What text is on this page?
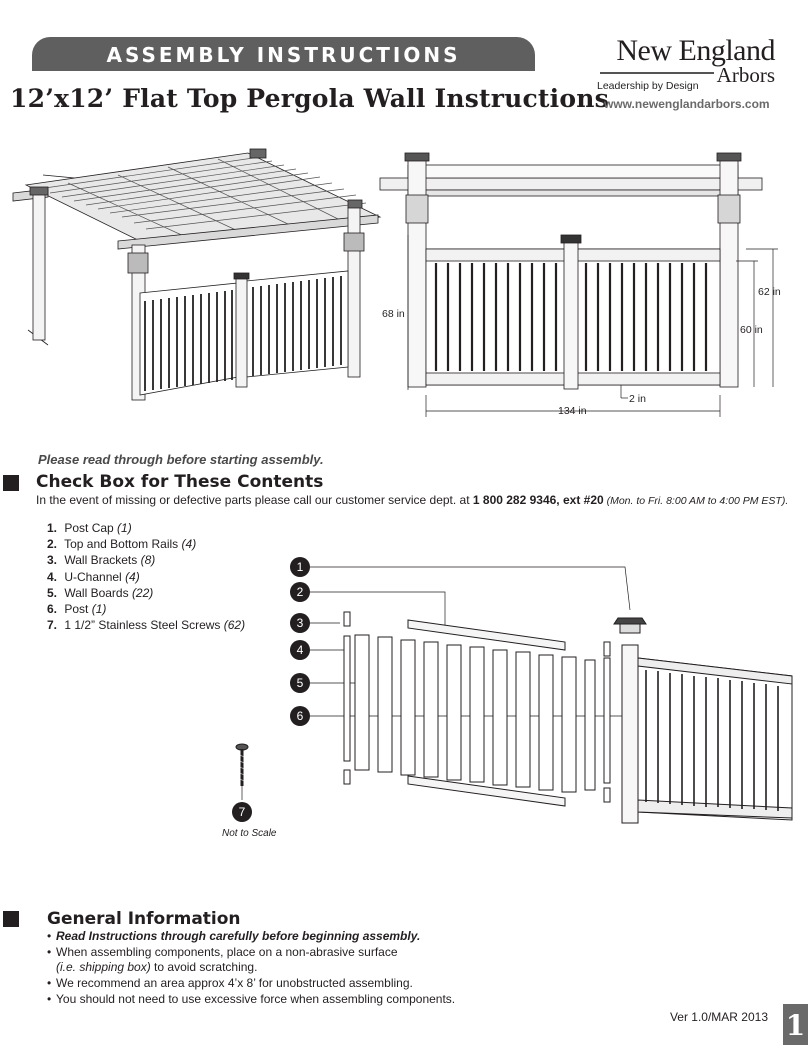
ASSEMBLY INSTRUCTIONS
12’x12’ Flat Top Pergola Wall Instructions
New England
Arbors
Leadership by Design
www.newenglandarbors.com
68 in
62 in
60 in
134 in
2 in
Please read through before starting assembly.
Check Box for These Contents
In the event of missing or defective parts please call our customer service dept. at 1 800 282 9346, ext #20 (Mon. to Fri. 8:00 AM to 4:00 PM EST).
1. Post Cap (1)
2. Top and Bottom Rails (4)
3. Wall Brackets (8)
4. U-Channel (4)
5. Wall Boards (22)
6. Post (1)
7. 1 1/2” Stainless Steel Screws (62)
1
2
3
4
5
6
7
Not to Scale
General Information
• Read Instructions through carefully before beginning assembly.
• When assembling components, place on a non-abrasive surface
(i.e. shipping box) to avoid scratching.
• We recommend an area approx 4’x 8’ for unobstructed assembling.
• You should not need to use excessive force when assembling components.
Ver 1.0/MAR 2013 1
